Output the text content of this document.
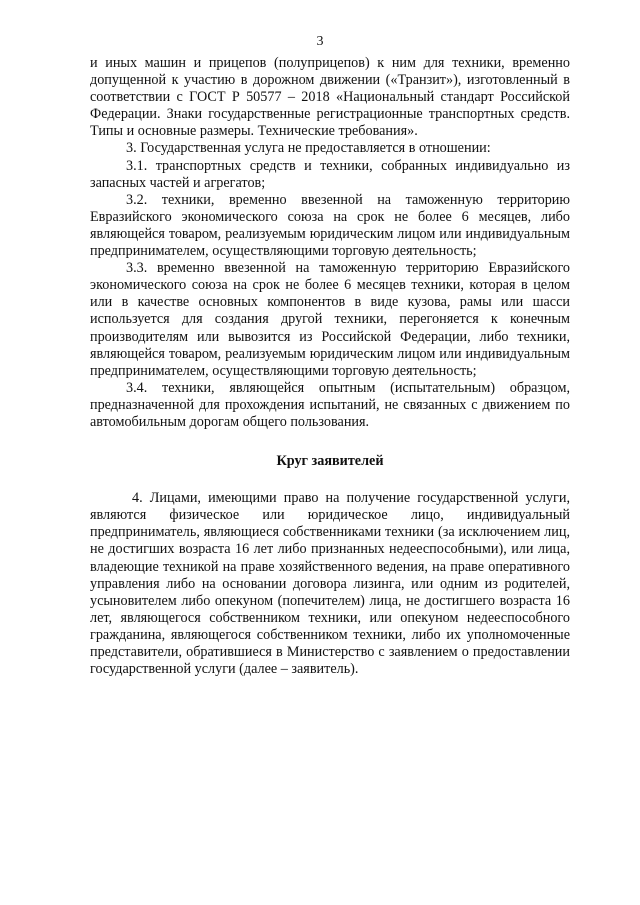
3

и иных машин и прицепов (полуприцепов) к ним для техники, временно допущенной к участию в дорожном движении («Транзит»), изготовленный в соответствии с ГОСТ Р 50577 – 2018 «Национальный стандарт Российской Федерации. Знаки государственные регистрационные транспортных средств. Типы и основные размеры. Технические требования».

3. Государственная услуга не предоставляется в отношении:

3.1. транспортных средств и техники, собранных индивидуально из запасных частей и агрегатов;

3.2. техники, временно ввезенной на таможенную территорию Евразийского экономического союза на срок не более 6 месяцев, либо являющейся товаром, реализуемым юридическим лицом или индивидуальным предпринимателем, осуществляющими торговую деятельность;

3.3. временно ввезенной на таможенную территорию Евразийского экономического союза на срок не более 6 месяцев техники, которая в целом или в качестве основных компонентов в виде кузова, рамы или шасси используется для создания другой техники, перегоняется к конечным производителям или вывозится из Российской Федерации, либо техники, являющейся товаром, реализуемым юридическим лицом или индивидуальным предпринимателем, осуществляющими торговую деятельность;

3.4. техники, являющейся опытным (испытательным) образцом, предназначенной для прохождения испытаний, не связанных с движением по автомобильным дорогам общего пользования.

Круг заявителей

4. Лицами, имеющими право на получение государственной услуги, являются физическое или юридическое лицо, индивидуальный предприниматель, являющиеся собственниками техники (за исключением лиц, не достигших возраста 16 лет либо признанных недееспособными), или лица, владеющие техникой на праве хозяйственного ведения, на праве оперативного управления либо на основании договора лизинга, или одним из родителей, усыновителем либо опекуном (попечителем) лица, не достигшего возраста 16 лет, являющегося собственником техники, или опекуном недееспособного гражданина, являющегося собственником техники, либо их уполномоченные представители, обратившиеся в Министерство с заявлением о предоставлении государственной услуги (далее – заявитель).
